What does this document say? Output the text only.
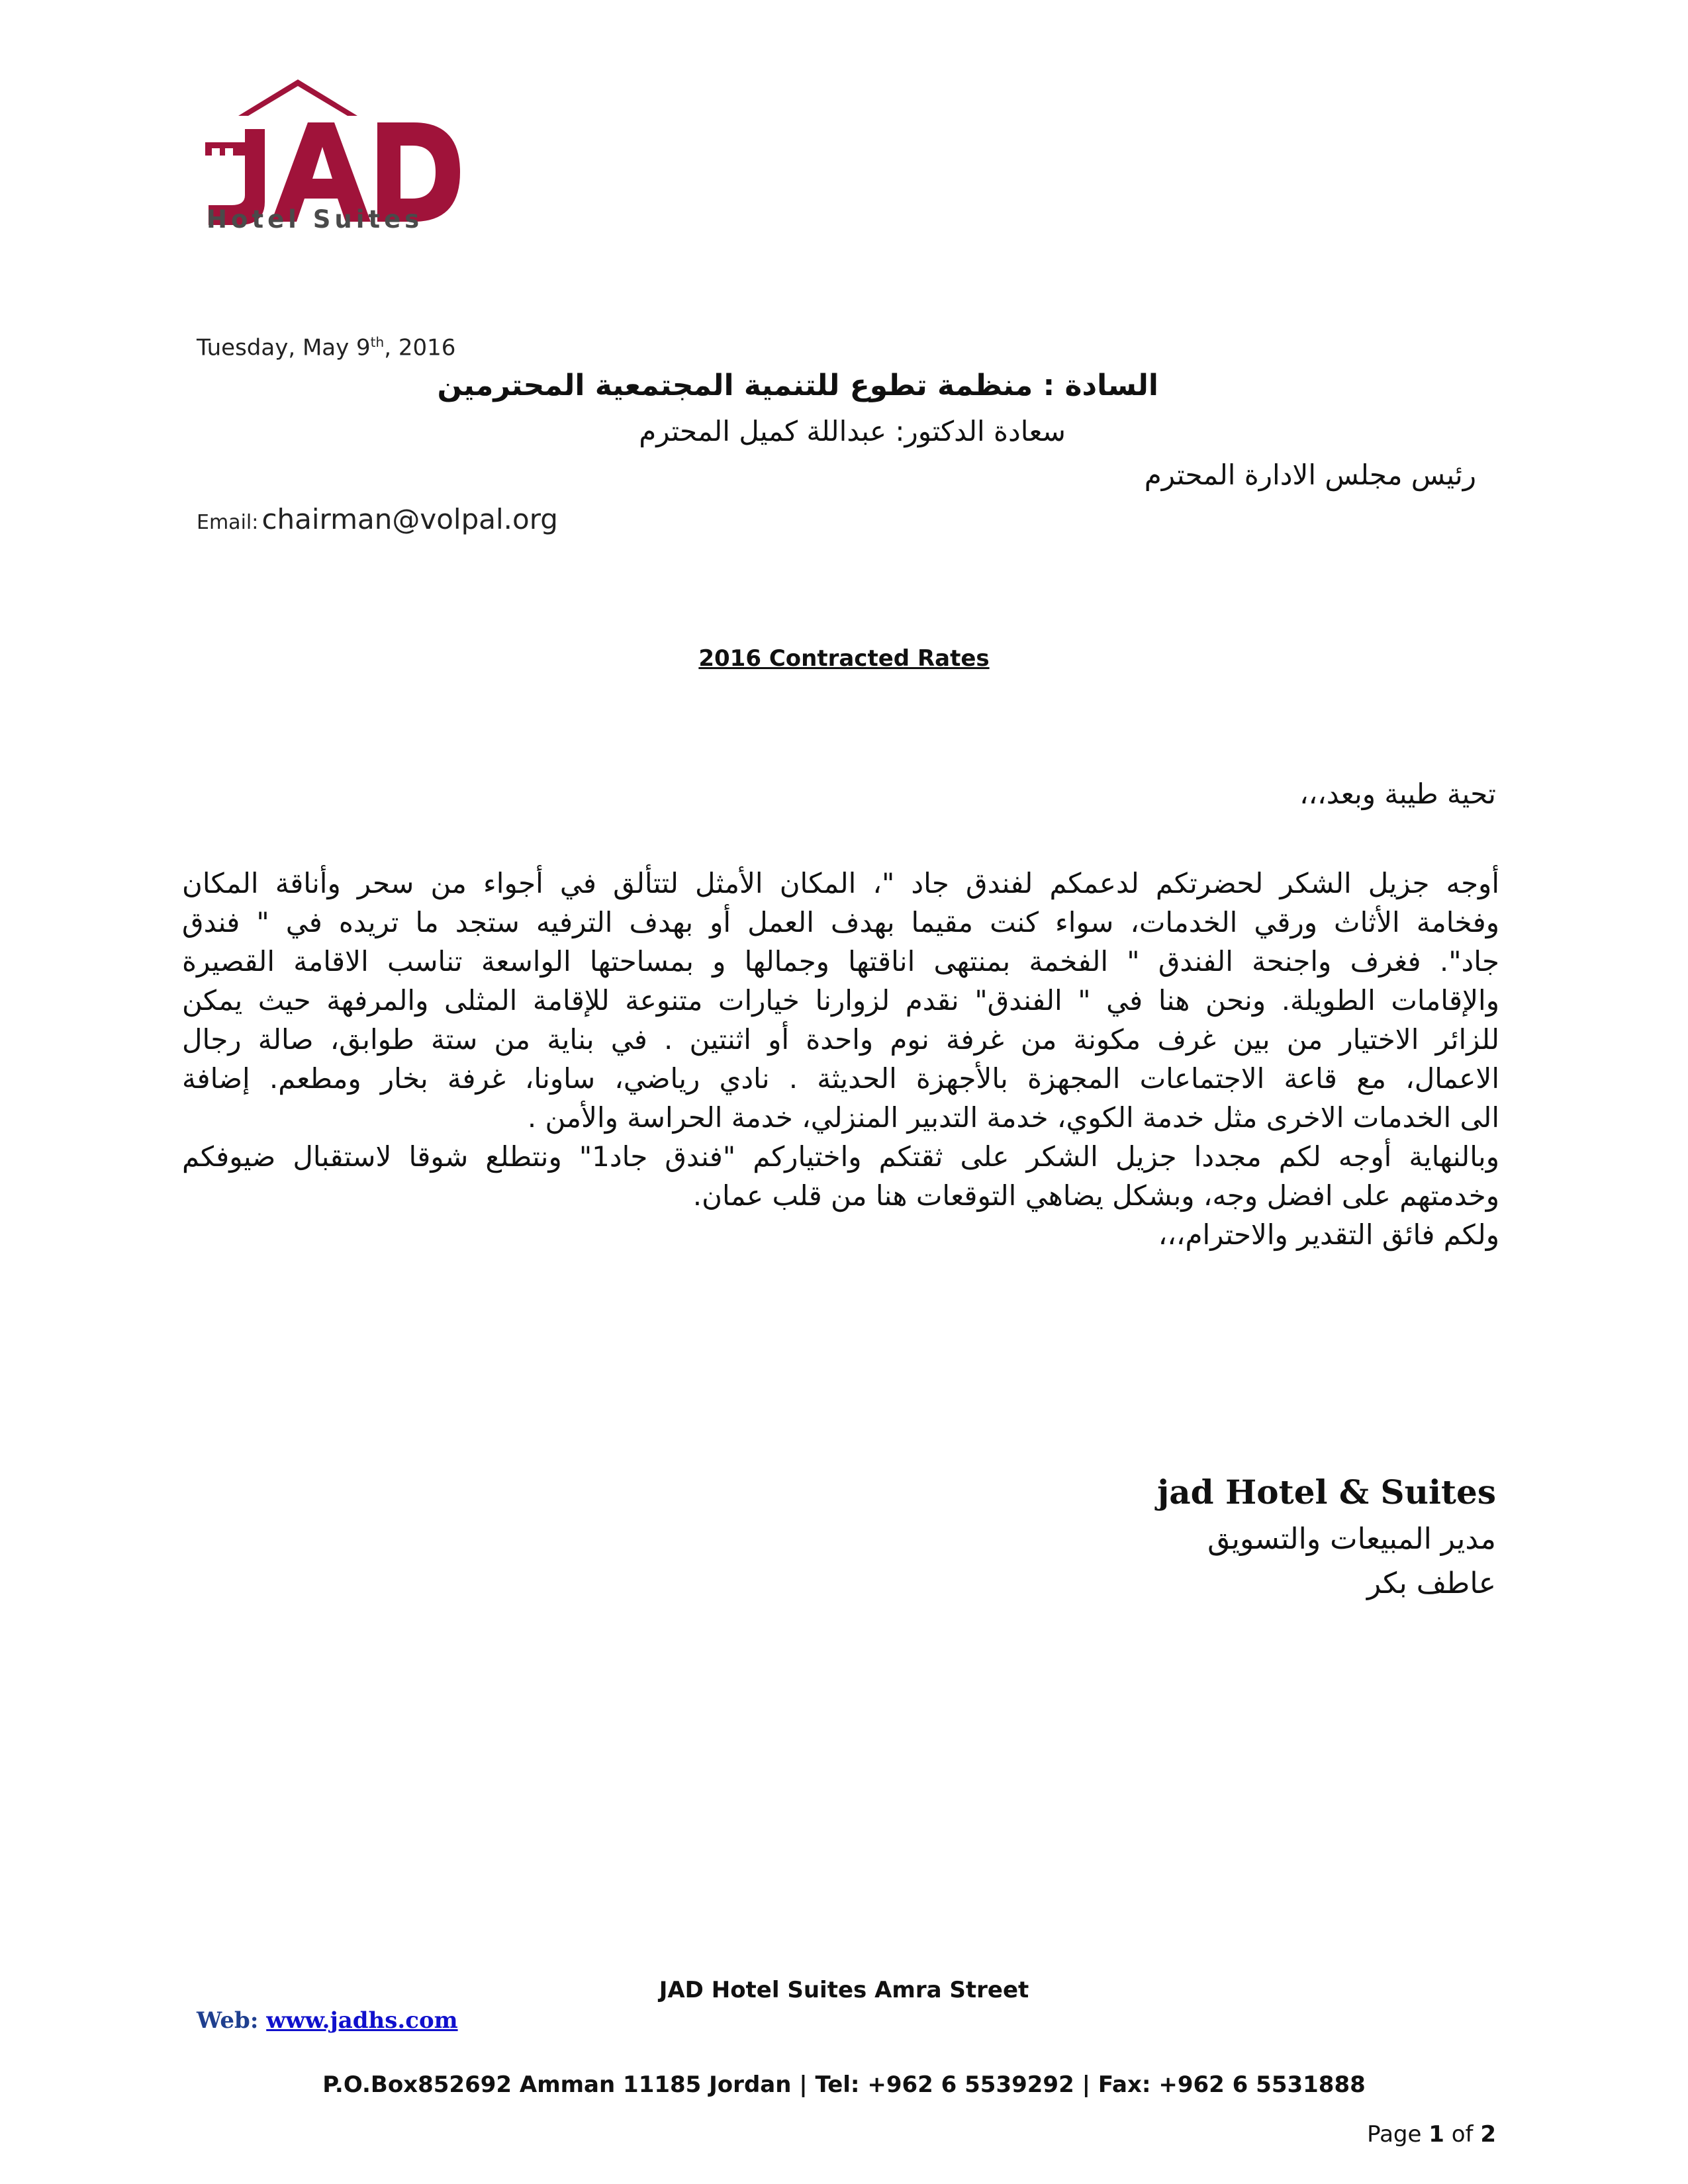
Hotel Suites
Tuesday, May 9th, 2016
السادة : منظمة تطوع للتنمية المجتمعية المحترمين
سعادة الدكتور: عبداللة كميل المحترم
رئيس مجلس الادارة المحترم
Email: chairman@volpal.org
2016 Contracted Rates
تحية طيبة وبعد،،،
أوجه جزيل الشكر لحضرتكم لدعمكم لفندق جاد "، المكان الأمثل لتتألق في أجواء من سحر وأناقة المكان
وفخامة الأثاث ورقي الخدمات، سواء كنت مقيما بهدف العمل أو بهدف الترفيه ستجد ما تريده في " فندق
جاد". فغرف واجنحة الفندق " الفخمة بمنتهى اناقتها وجمالها و بمساحتها الواسعة تناسب الاقامة القصيرة
والإقامات الطويلة. ونحن هنا في " الفندق" نقدم لزوارنا خيارات متنوعة للإقامة المثلى والمرفهة حيث يمكن
للزائر الاختيار من بين غرف مكونة من غرفة نوم واحدة أو اثنتين . في بناية من ستة طوابق، صالة رجال
الاعمال، مع قاعة الاجتماعات المجهزة بالأجهزة الحديثة . نادي رياضي، ساونا، غرفة بخار ومطعم. إضافة
الى الخدمات الاخرى مثل خدمة الكوي، خدمة التدبير المنزلي، خدمة الحراسة والأمن .
وبالنهاية أوجه لكم مجددا جزيل الشكر على ثقتكم واختياركم "فندق جاد1" ونتطلع شوقا لاستقبال ضيوفكم
وخدمتهم على افضل وجه، وبشكل يضاهي التوقعات هنا من قلب عمان.
ولكم فائق التقدير والاحترام،،،
jad Hotel & Suites
مدير المبيعات والتسويق
عاطف بكر
JAD Hotel Suites Amra Street
Web: www.jadhs.com
P.O.Box852692 Amman 11185 Jordan | Tel: +962 6 5539292 | Fax: +962 6 5531888
Page 1 of 2
